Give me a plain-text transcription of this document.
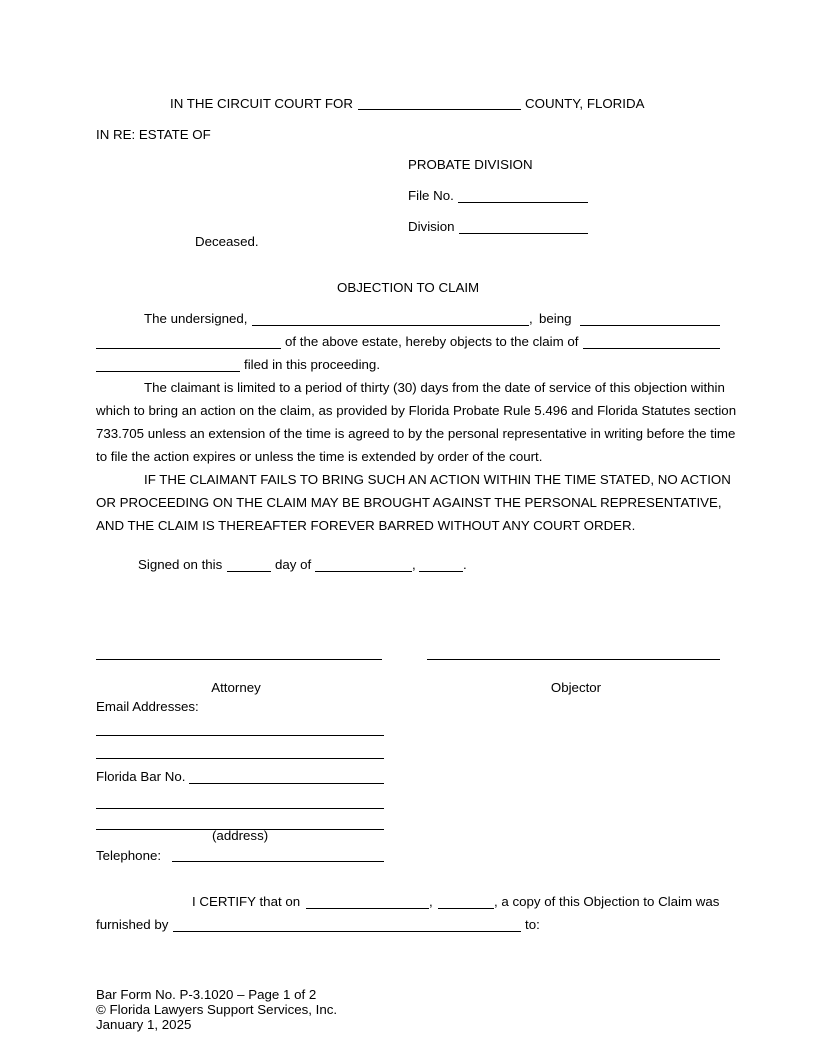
IN THE CIRCUIT COURT FOR	COUNTY, FLORIDA
IN RE: ESTATE OF
PROBATE DIVISION
File No.
Division
Deceased.
OBJECTION TO CLAIM
The undersigned,	, being
of the above estate, hereby objects to the claim of
filed in this proceeding.
The claimant is limited to a period of thirty (30) days from the date of service of this objection within
which to bring an action on the claim, as provided by Florida Probate Rule 5.496 and Florida Statutes section
733.705 unless an extension of the time is agreed to by the personal representative in writing before the time
to file the action expires or unless the time is extended by order of the court.
IF THE CLAIMANT FAILS TO BRING SUCH AN ACTION WITHIN THE TIME STATED, NO ACTION
OR PROCEEDING ON THE CLAIM MAY BE BROUGHT AGAINST THE PERSONAL REPRESENTATIVE,
AND THE CLAIM IS THEREAFTER FOREVER BARRED WITHOUT ANY COURT ORDER.
Signed on this	day of	,	.
Attorney	Objector
Email Addresses:
Florida Bar No.
(address)
Telephone:
I CERTIFY that on	,	, a copy of this Objection to Claim was
furnished by	to:
Bar Form No. P-3.1020 – Page 1 of 2
© Florida Lawyers Support Services, Inc.
January 1, 2025
